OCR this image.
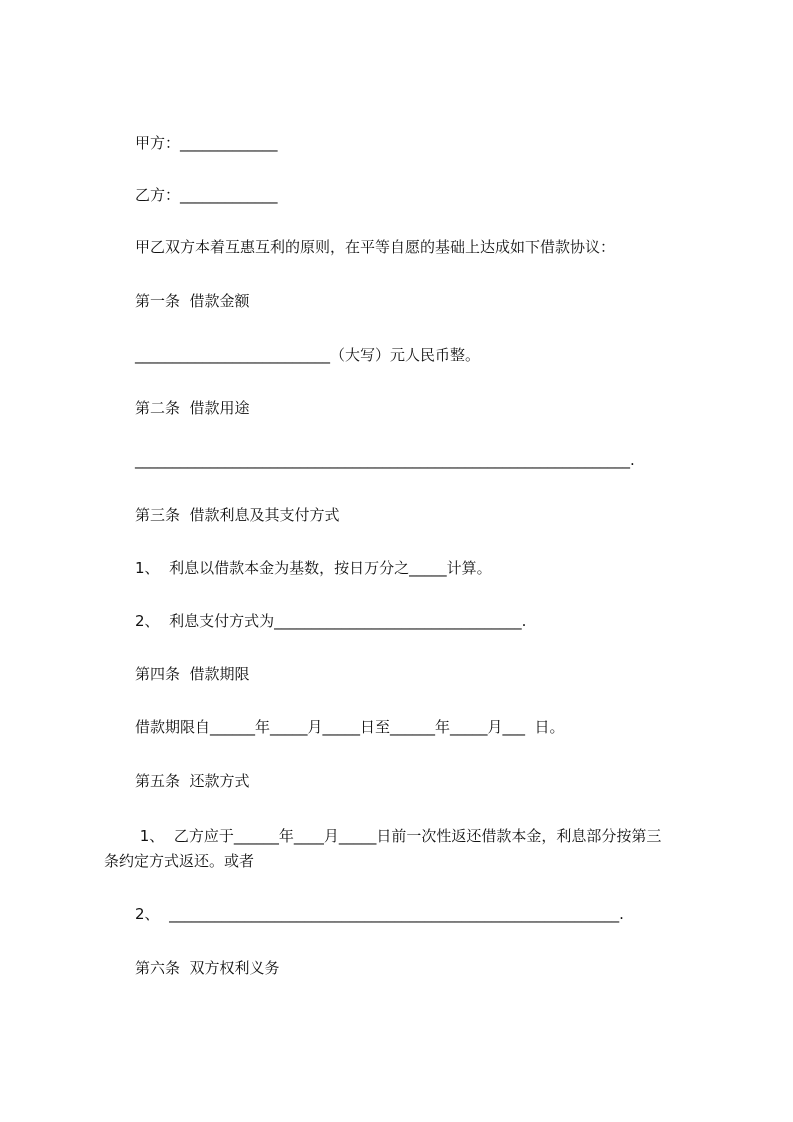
甲方：_____________
乙方：_____________
甲乙双方本着互惠互利的原则，在平等自愿的基础上达成如下借款协议：
第一条  借款金额
__________________________（大写）元人民币整。
第二条  借款用途
__________________________________________________________________.
第三条  借款利息及其支付方式
1、  利息以借款本金为基数，按日万分之_____计算。
2、  利息支付方式为_________________________________.
第四条  借款期限
借款期限自______年_____月_____日至______年_____月___  日。
第五条  还款方式
1、  乙方应于______年____月_____日前一次性返还借款本金，利息部分按第三
条约定方式返还。或者
2、  ____________________________________________________________.
第六条  双方权利义务
